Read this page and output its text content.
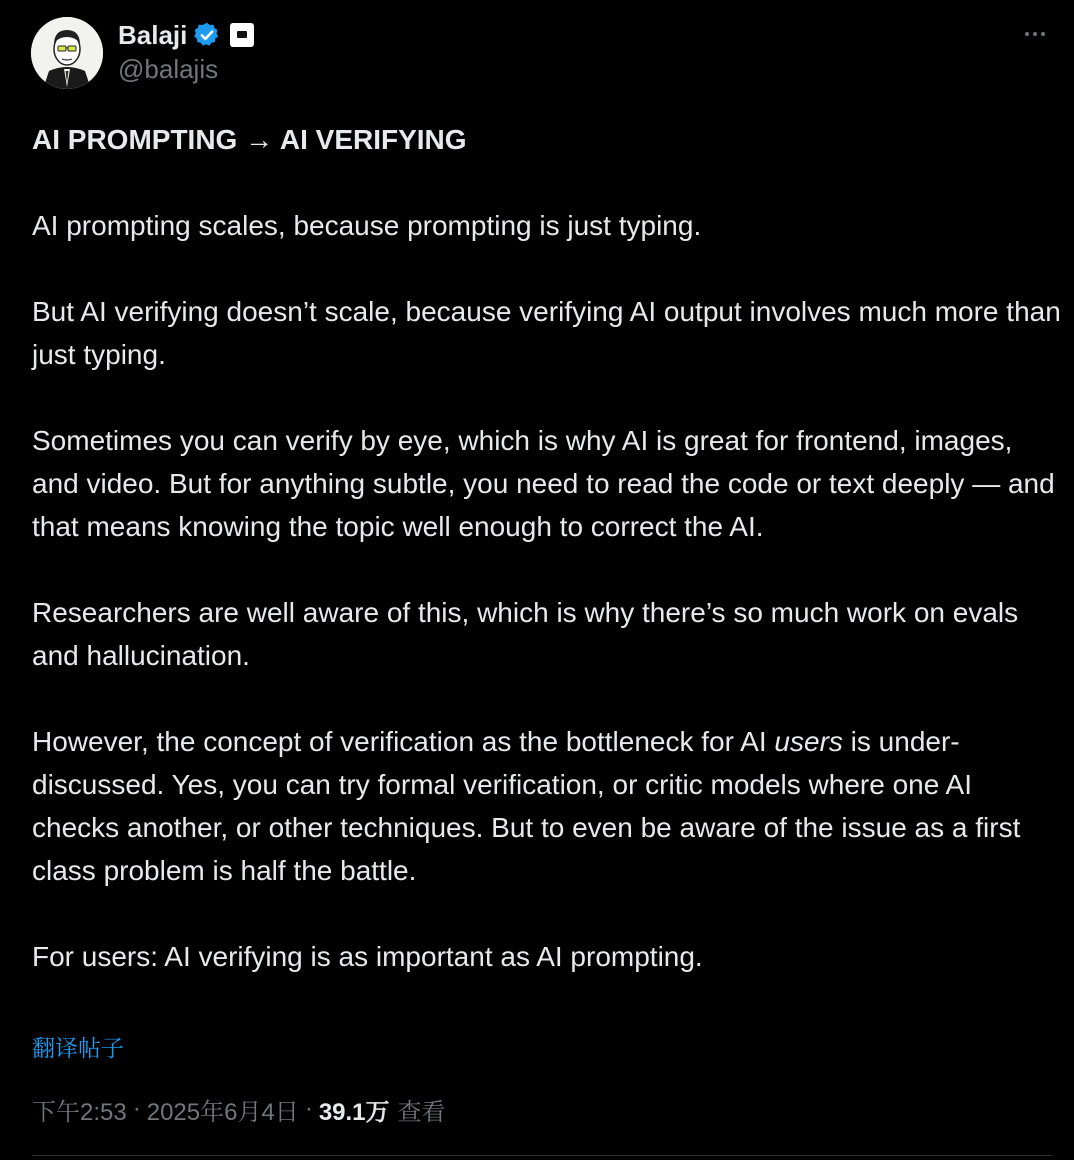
Balaji
@balajis

AI PROMPTING → AI VERIFYING

AI prompting scales, because prompting is just typing.

But AI verifying doesn’t scale, because verifying AI output involves much more than just typing.

Sometimes you can verify by eye, which is why AI is great for frontend, images, and video. But for anything subtle, you need to read the code or text deeply — and that means knowing the topic well enough to correct the AI.

Researchers are well aware of this, which is why there’s so much work on evals and hallucination.

However, the concept of verification as the bottleneck for AI users is under-discussed. Yes, you can try formal verification, or critic models where one AI checks another, or other techniques. But to even be aware of the issue as a first class problem is half the battle.

For users: AI verifying is as important as AI prompting.

翻译帖子
下午2:53 · 2025年6月4日 · 39.1万 查看
